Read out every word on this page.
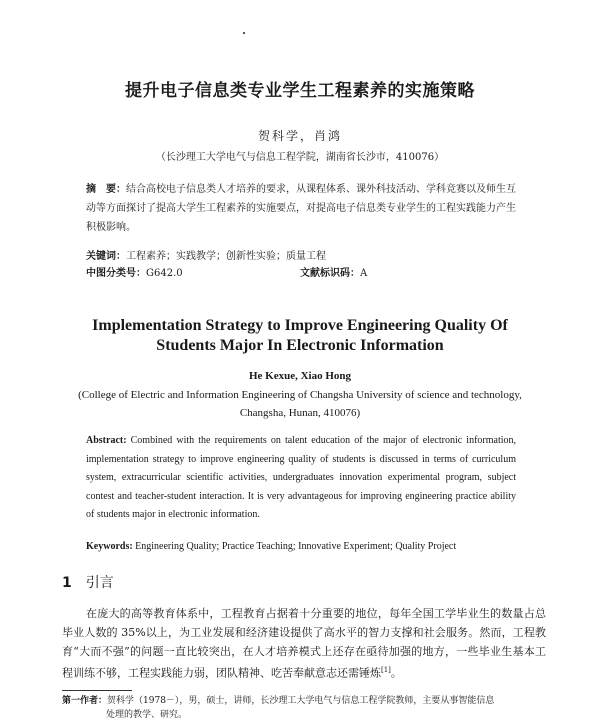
提升电子信息类专业学生工程素养的实施策略
贺科学，肖鸿
（长沙理工大学电气与信息工程学院，湖南省长沙市，410076）
摘　要：结合高校电子信息类人才培养的要求，从课程体系、课外科技活动、学科竞赛以及师生互动等方面探讨了提高大学生工程素养的实施要点，对提高电子信息类专业学生的工程实践能力产生积极影响。
关键词：工程素养；实践教学；创新性实验；质量工程
中图分类号：G642.0	文献标识码：A
Implementation Strategy to Improve Engineering Quality Of
Students Major In Electronic Information
He Kexue, Xiao Hong
(College of Electric and Information Engineering of Changsha University of science and technology,
Changsha, Hunan, 410076)
Abstract: Combined with the requirements on talent education of the major of electronic information, implementation strategy to improve engineering quality of students is discussed in terms of curriculum system, extracurricular scientific activities, undergraduates innovation experimental program, subject contest and teacher-student interaction. It is very advantageous for improving engineering practice ability of students major in electronic information.
Keywords: Engineering Quality; Practice Teaching; Innovative Experiment; Quality Project
1 引言
在庞大的高等教育体系中，工程教育占据着十分重要的地位，每年全国工学毕业生的数量占总毕业人数的 35%以上，为工业发展和经济建设提供了高水平的智力支撑和社会服务。然而，工程教育“大而不强”的问题一直比较突出，在人才培养模式上还存在亟待加强的地方，一些毕业生基本工程训练不够，工程实践能力弱，团队精神、吃苦奉献意志还需锤炼[1]。
第一作者：贺科学（1978－），男，硕士，讲师，长沙理工大学电气与信息工程学院教师，主要从事智能信息
处理的教学、研究。
